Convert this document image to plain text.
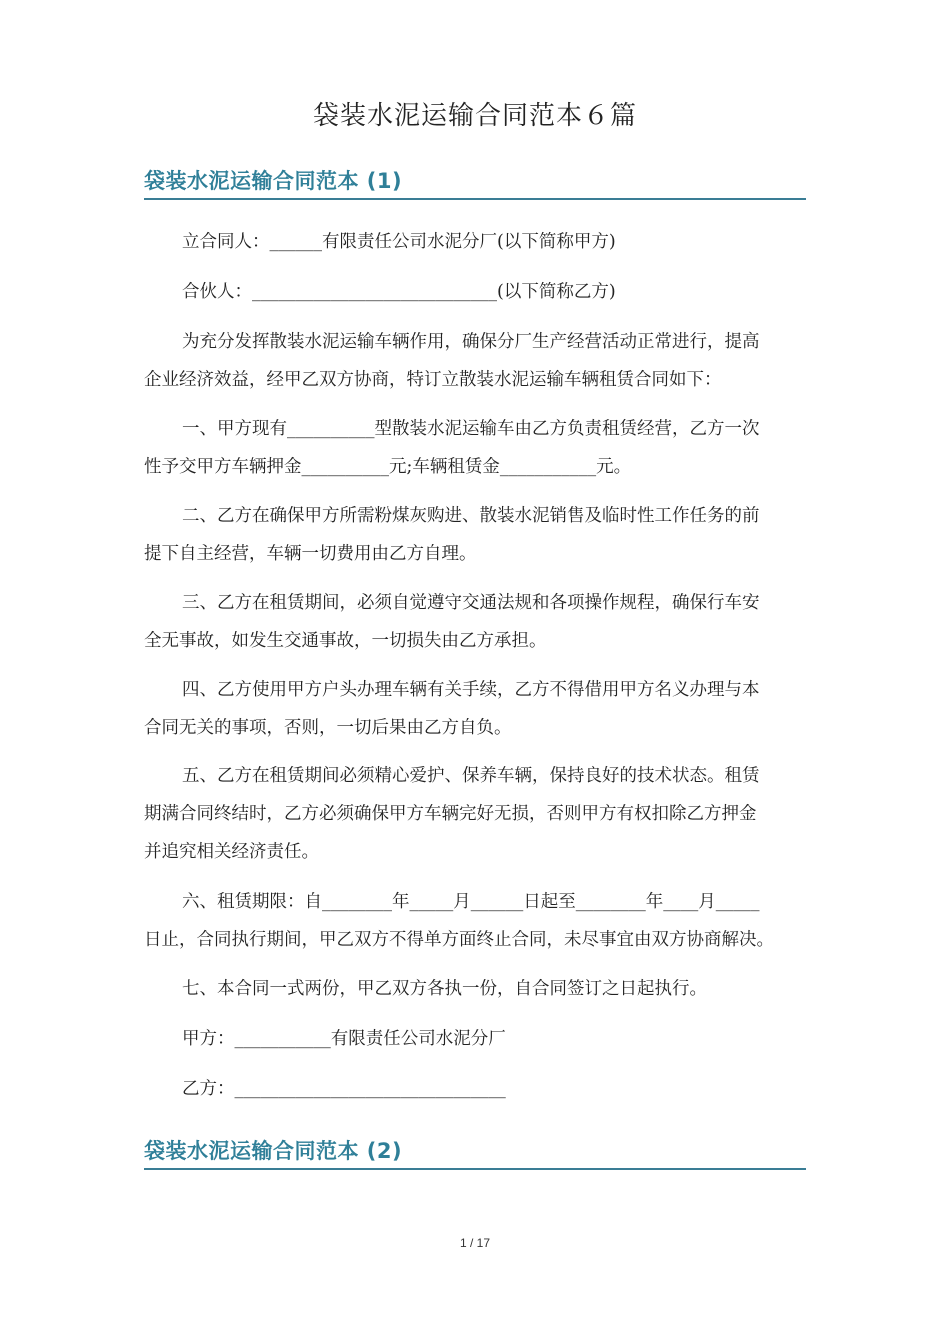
袋装水泥运输合同范本６篇
袋装水泥运输合同范本 (1)
立合同人：______有限责任公司水泥分厂(以下简称甲方)
合伙人：____________________________(以下简称乙方)
为充分发挥散装水泥运输车辆作用，确保分厂生产经营活动正常进行，提高
企业经济效益，经甲乙双方协商，特订立散装水泥运输车辆租赁合同如下：
一、甲方现有__________型散装水泥运输车由乙方负责租赁经营，乙方一次
性予交甲方车辆押金__________元;车辆租赁金___________元。
二、乙方在确保甲方所需粉煤灰购进、散装水泥销售及临时性工作任务的前
提下自主经营，车辆一切费用由乙方自理。
三、乙方在租赁期间，必须自觉遵守交通法规和各项操作规程，确保行车安
全无事故，如发生交通事故，一切损失由乙方承担。
四、乙方使用甲方户头办理车辆有关手续，乙方不得借用甲方名义办理与本
合同无关的事项，否则，一切后果由乙方自负。
五、乙方在租赁期间必须精心爱护、保养车辆，保持良好的技术状态。租赁
期满合同终结时，乙方必须确保甲方车辆完好无损，否则甲方有权扣除乙方押金
并追究相关经济责任。
六、租赁期限：自________年_____月______日起至________年____月_____
日止，合同执行期间，甲乙双方不得单方面终止合同，未尽事宜由双方协商解决。
七、本合同一式两份，甲乙双方各执一份，自合同签订之日起执行。
甲方：___________有限责任公司水泥分厂
乙方：_______________________________
袋装水泥运输合同范本 (2)
1 / 17
